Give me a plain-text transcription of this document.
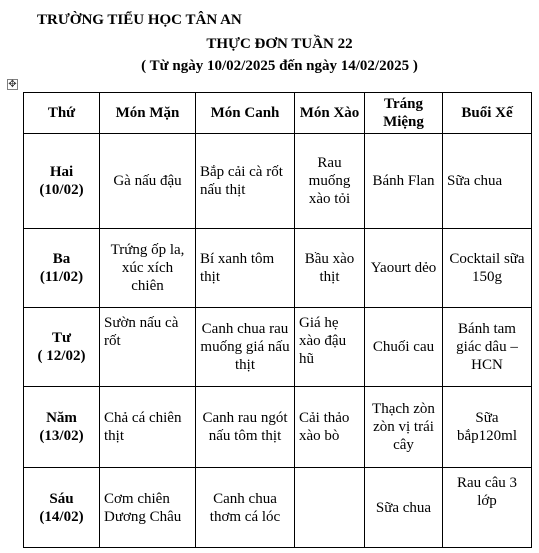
TRƯỜNG TIỂU HỌC TÂN AN
THỰC ĐƠN TUẦN 22
( Từ ngày 10/02/2025 đến ngày 14/02/2025 )
✥
Thứ	Món Mặn	Món Canh	Món Xào	Tráng Miệng	Buổi Xế

Hai
(10/02)	Gà nấu đậu	Bắp cải cà rốt nấu thịt	Rau muống xào tỏi	Bánh Flan	Sữa chua

Ba
(11/02)	Trứng ốp la, xúc xích chiên	Bí xanh tôm thịt	Bầu xào thịt	Yaourt dẻo	Cocktail sữa 150g

Tư
( 12/02)	Sườn nấu cà rốt	Canh chua rau muống giá nấu thịt	Giá hẹ xào đậu hũ	Chuối cau	Bánh tam giác dâu – HCN

Năm
(13/02)	Chả cá chiên thịt	Canh rau ngót nấu tôm thịt	Cải thảo xào bò	Thạch zòn zòn vị trái cây	Sữa bắp120ml

Sáu
(14/02)	Cơm chiên Dương Châu	Canh chua thơm cá lóc		Sữa chua	Rau câu 3 lớp
